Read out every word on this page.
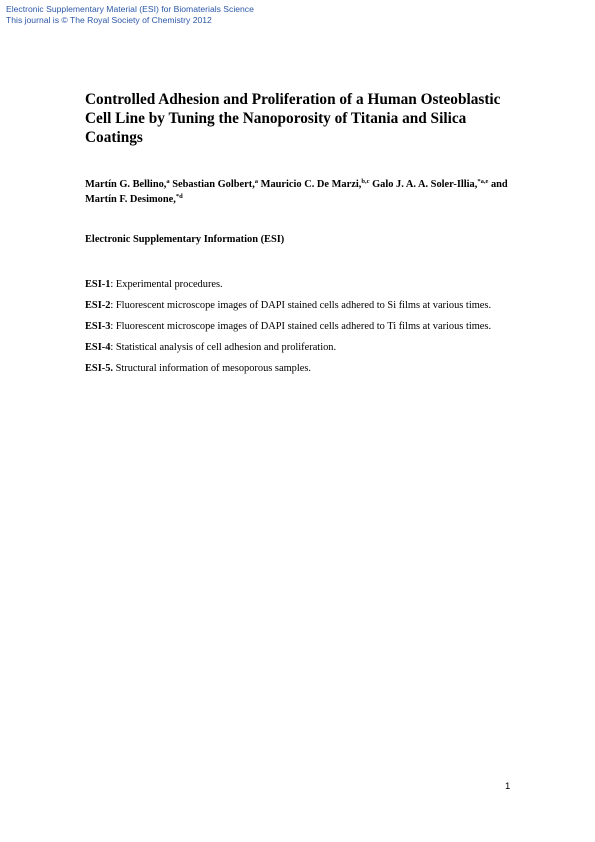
Electronic Supplementary Material (ESI) for Biomaterials Science
This journal is © The Royal Society of Chemistry 2012
Controlled Adhesion and Proliferation of a Human Osteoblastic Cell Line by Tuning the Nanoporosity of Titania and Silica Coatings
Martín G. Bellino,$^a$ Sebastian Golbert,$^a$ Mauricio C. De Marzi,$^{b,c}$ Galo J. A. A. Soler-Illia,$^{*a,e}$ and Martín F. Desimone,$^{*d}$
Electronic Supplementary Information (ESI)
ESI-1: Experimental procedures.
ESI-2: Fluorescent microscope images of DAPI stained cells adhered to Si films at various times.
ESI-3: Fluorescent microscope images of DAPI stained cells adhered to Ti films at various times.
ESI-4: Statistical analysis of cell adhesion and proliferation.
ESI-5. Structural information of mesoporous samples.
1
